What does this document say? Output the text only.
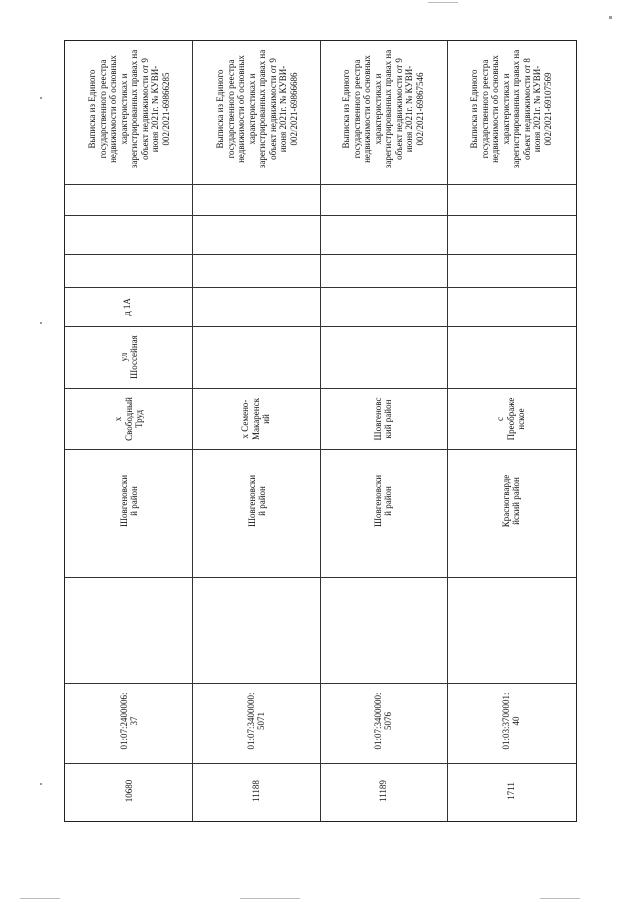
Выписка из Единого
государственного реестра
недвижимости об основных
характеристиках и
зарегистрированных правах на
объект недвижимости от 9
июня 2021г. № КУВИ-
002/2021-69866285
д 1А
ул
Шоссейная
х
Свободный
Труд
Шовгеновски
й район
01:07:2400006:
37
10680
Выписка из Единого
государственного реестра
недвижимости об основных
характеристиках и
зарегистрированных правах на
объект недвижимости от 9
июня 2021г. № КУВИ-
002/2021-69866686
х Семено-
Макаренск
ий
Шовгеновски
й район
01:07:3400000:
5071
11188
Выписка из Единого
государственного реестра
недвижимости об основных
характеристиках и
зарегистрированных правах на
объект недвижимости от 9
июня 2021г. № КУВИ-
002/2021-69867546
Шовгеновс
кий район
Шовгеновски
й район
01:07:3400000:
5076
11189
Выписка из Единого
государственного реестра
недвижимости об основных
характеристиках и
зарегистрированных правах на
объект недвижимости от 8
июня 2021г. № КУВИ-
002/2021-69107569
с
Преображе
нское
Красногварде
йский район
01:03:3700001:
40
1711
